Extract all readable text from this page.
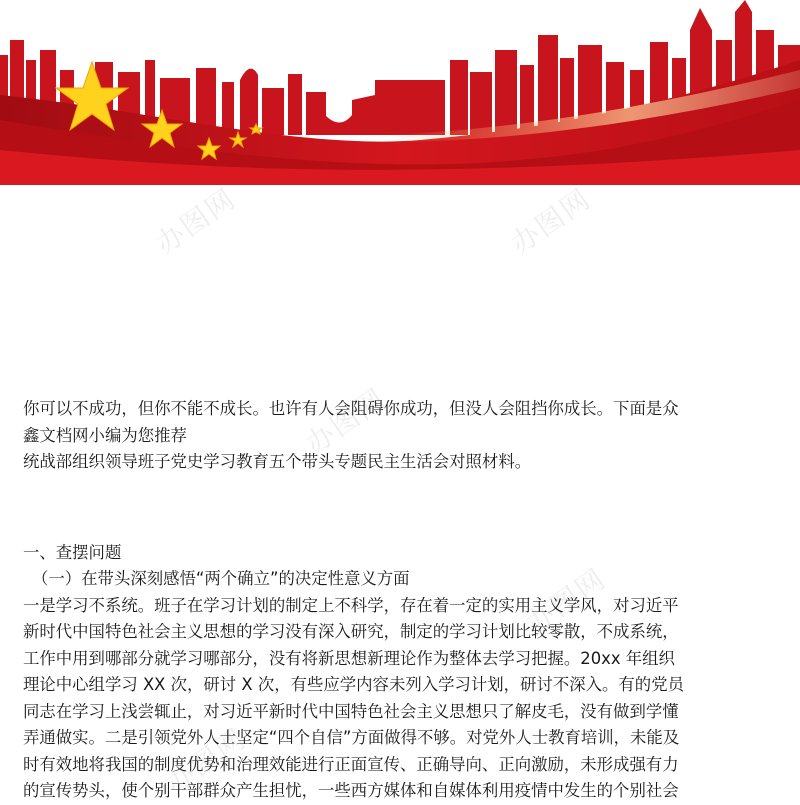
办图网	办图网
办图网
办图网
办图网

你可以不成功，但你不能不成长。也许有人会阻碍你成功，但没人会阻挡你成长。下面是众

鑫文档网小编为您推荐

统战部组织领导班子党史学习教育五个带头专题民主生活会对照材料。

一、查摆问题

（一）在带头深刻感悟“两个确立”的决定性意义方面

一是学习不系统。班子在学习计划的制定上不科学，存在着一定的实用主义学风，对习近平

新时代中国特色社会主义思想的学习没有深入研究，制定的学习计划比较零散，不成系统，

工作中用到哪部分就学习哪部分，没有将新思想新理论作为整体去学习把握。20xx 年组织

理论中心组学习 XX 次，研讨 X 次，有些应学内容未列入学习计划，研讨不深入。有的党员

同志在学习上浅尝辄止，对习近平新时代中国特色社会主义思想只了解皮毛，没有做到学懂

弄通做实。二是引领党外人士坚定“四个自信”方面做得不够。对党外人士教育培训，未能及

时有效地将我国的制度优势和治理效能进行正面宣传、正确导向、正向激励，未形成强有力

的宣传势头，使个别干部群众产生担忧，一些西方媒体和自媒体利用疫情中发生的个别社会
